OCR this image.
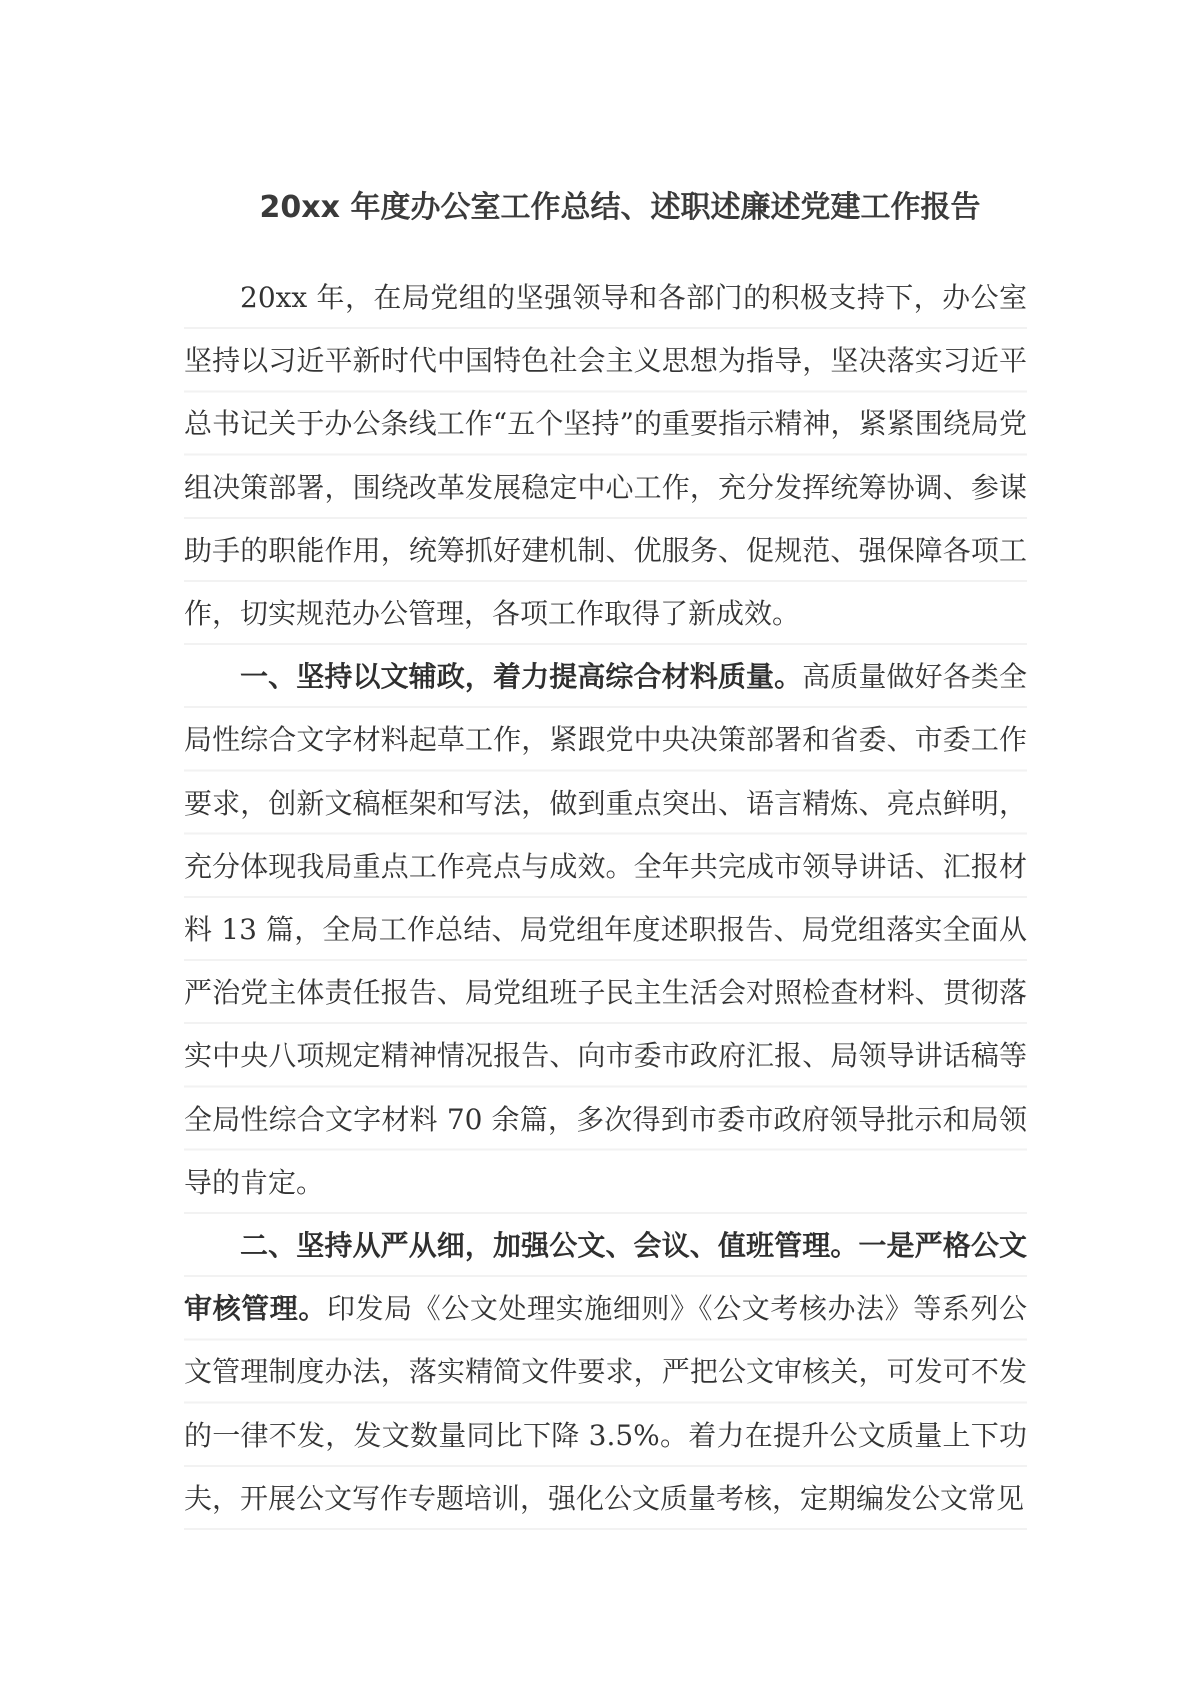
20xx 年度办公室工作总结、述职述廉述党建工作报告

20xx 年，在局党组的坚强领导和各部门的积极支持下，办公室坚持以习近平新时代中国特色社会主义思想为指导，坚决落实习近平总书记关于办公条线工作“五个坚持”的重要指示精神，紧紧围绕局党组决策部署，围绕改革发展稳定中心工作，充分发挥统筹协调、参谋助手的职能作用，统筹抓好建机制、优服务、促规范、强保障各项工作，切实规范办公管理，各项工作取得了新成效。

一、坚持以文辅政，着力提高综合材料质量。高质量做好各类全局性综合文字材料起草工作，紧跟党中央决策部署和省委、市委工作要求，创新文稿框架和写法，做到重点突出、语言精炼、亮点鲜明，充分体现我局重点工作亮点与成效。全年共完成市领导讲话、汇报材料 13 篇，全局工作总结、局党组年度述职报告、局党组落实全面从严治党主体责任报告、局党组班子民主生活会对照检查材料、贯彻落实中央八项规定精神情况报告、向市委市政府汇报、局领导讲话稿等全局性综合文字材料 70 余篇，多次得到市委市政府领导批示和局领导的肯定。

二、坚持从严从细，加强公文、会议、值班管理。一是严格公文审核管理。印发局《公文处理实施细则》《公文考核办法》等系列公文管理制度办法，落实精简文件要求，严把公文审核关，可发可不发的一律不发，发文数量同比下降 3.5%。着力在提升公文质量上下功夫，开展公文写作专题培训，强化公文质量考核，定期编发公文常见
